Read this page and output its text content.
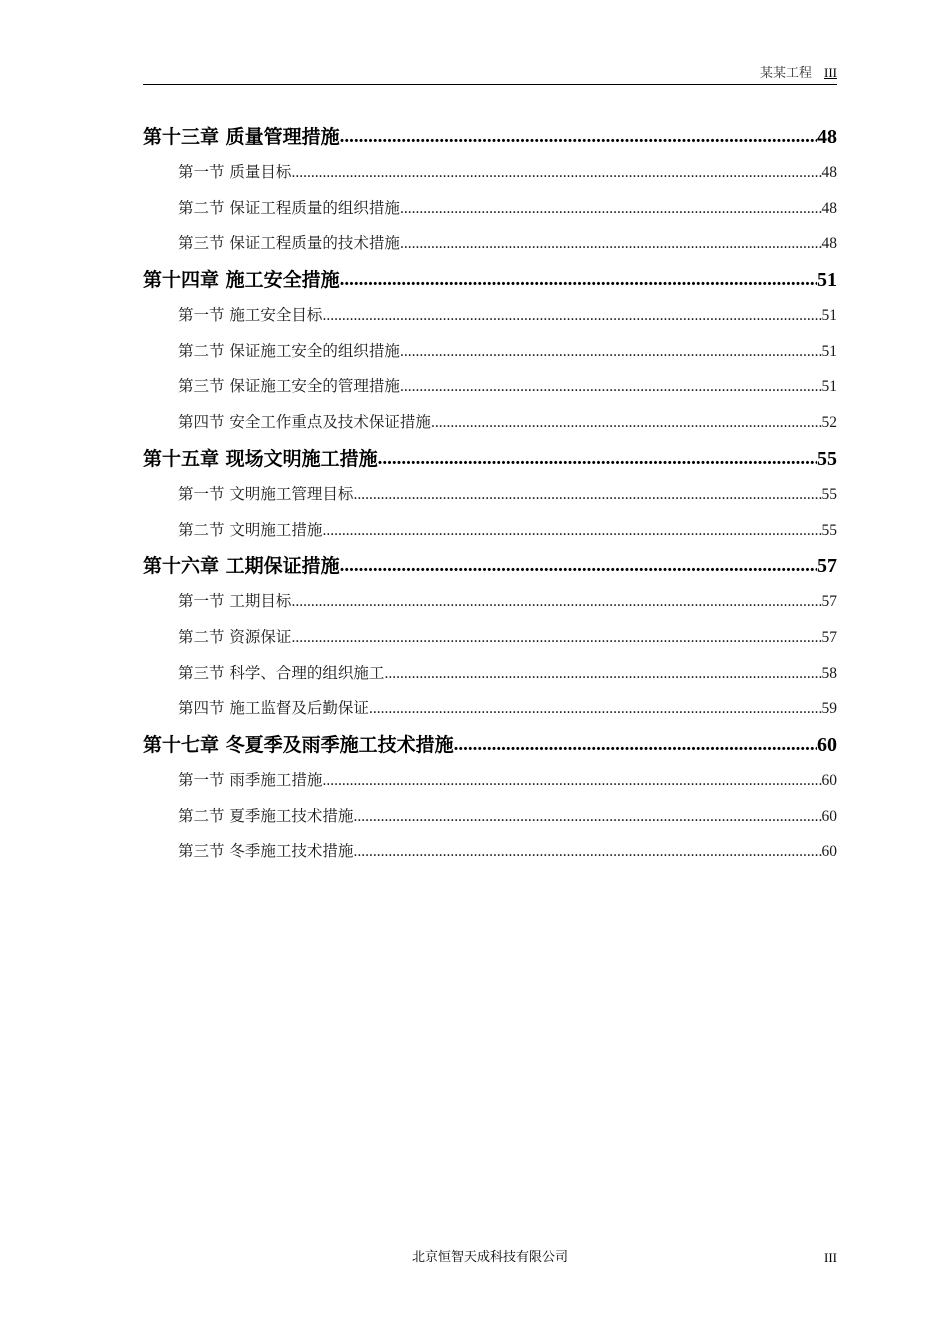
某某工程 III
第十三章 质量管理措施 .....	48
第一节 质量目标 .....	48
第二节 保证工程质量的组织措施 .....	48
第三节 保证工程质量的技术措施 .....	48
第十四章 施工安全措施 .....	51
第一节 施工安全目标 .....	51
第二节 保证施工安全的组织措施 .....	51
第三节 保证施工安全的管理措施 .....	51
第四节 安全工作重点及技术保证措施 .....	52
第十五章 现场文明施工措施 .....	55
第一节 文明施工管理目标 .....	55
第二节 文明施工措施 .....	55
第十六章 工期保证措施 .....	57
第一节 工期目标 .....	57
第二节 资源保证 .....	57
第三节 科学、合理的组织施工 .....	58
第四节 施工监督及后勤保证 .....	59
第十七章 冬夏季及雨季施工技术措施 .....	60
第一节 雨季施工措施 .....	60
第二节 夏季施工技术措施 .....	60
第三节 冬季施工技术措施 .....	60
北京恒智天成科技有限公司	III
